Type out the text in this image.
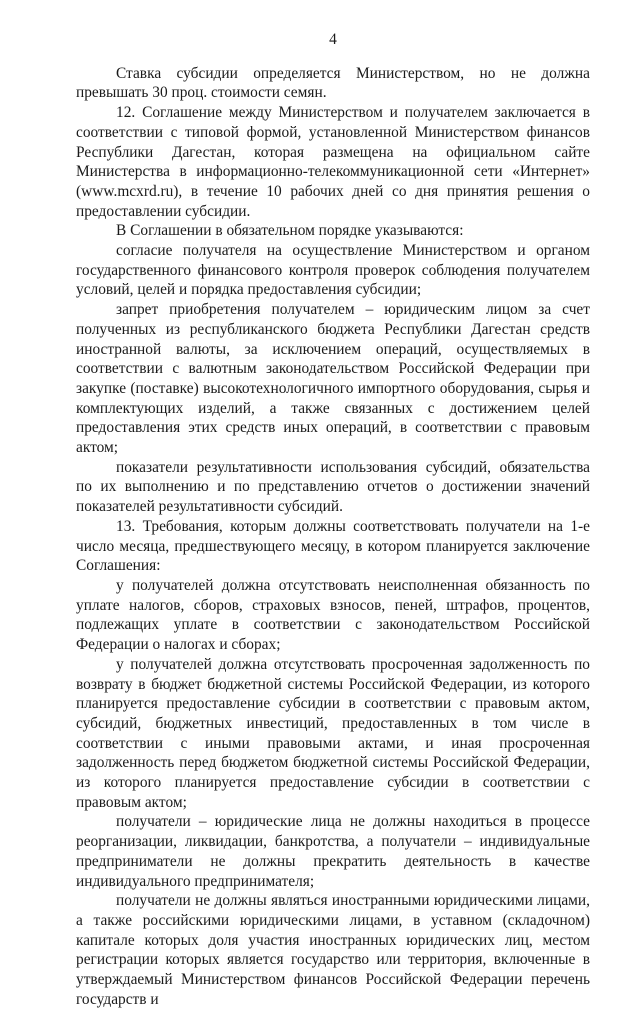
4

Ставка субсидии определяется Министерством, но не должна превышать 30 проц. стоимости семян.

12. Соглашение между Министерством и получателем заключается в соответствии с типовой формой, установленной Министерством финансов Республики Дагестан, которая размещена на официальном сайте Министерства в информационно-телекоммуникационной сети «Интернет» (www.mcxrd.ru), в течение 10 рабочих дней со дня принятия решения о предоставлении субсидии.

В Соглашении в обязательном порядке указываются:

согласие получателя на осуществление Министерством и органом государственного финансового контроля проверок соблюдения получателем условий, целей и порядка предоставления субсидии;

запрет приобретения получателем – юридическим лицом за счет полученных из республиканского бюджета Республики Дагестан средств иностранной валюты, за исключением операций, осуществляемых в соответствии с валютным законодательством Российской Федерации при закупке (поставке) высокотехнологичного импортного оборудования, сырья и комплектующих изделий, а также связанных с достижением целей предоставления этих средств иных операций, в соответствии с правовым актом;

показатели результативности использования субсидий, обязательства по их выполнению и по представлению отчетов о достижении значений показателей результативности субсидий.

13. Требования, которым должны соответствовать получатели на 1-е число месяца, предшествующего месяцу, в котором планируется заключение Соглашения:

у получателей должна отсутствовать неисполненная обязанность по уплате налогов, сборов, страховых взносов, пеней, штрафов, процентов, подлежащих уплате в соответствии с законодательством Российской Федерации о налогах и сборах;

у получателей должна отсутствовать просроченная задолженность по возврату в бюджет бюджетной системы Российской Федерации, из которого планируется предоставление субсидии в соответствии с правовым актом, субсидий, бюджетных инвестиций, предоставленных в том числе в соответствии с иными правовыми актами, и иная просроченная задолженность перед бюджетом бюджетной системы Российской Федерации, из которого планируется предоставление субсидии в соответствии с правовым актом;

получатели – юридические лица не должны находиться в процессе реорганизации, ликвидации, банкротства, а получатели – индивидуальные предприниматели не должны прекратить деятельность в качестве индивидуального предпринимателя;

получатели не должны являться иностранными юридическими лицами, а также российскими юридическими лицами, в уставном (складочном) капитале которых доля участия иностранных юридических лиц, местом регистрации которых является государство или территория, включенные в утверждаемый Министерством финансов Российской Федерации перечень государств и
